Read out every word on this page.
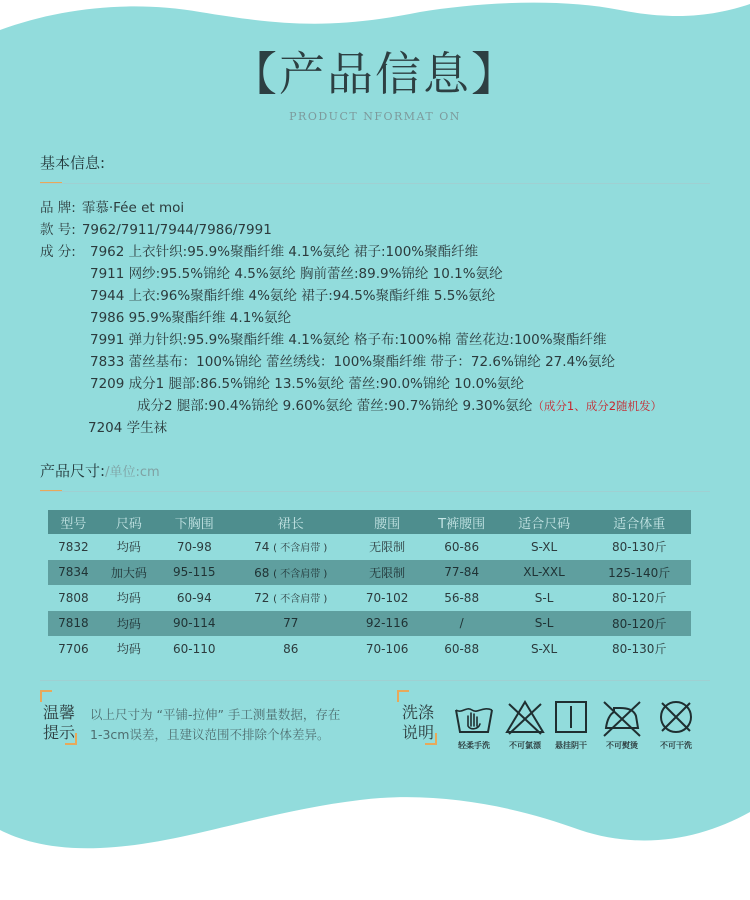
【产品信息】
PRODUCT NFORMAT ON
基本信息:
品 牌: 霏慕·Fée et moi
款 号: 7962/7911/7944/7986/7991
成 分: 7962 上衣针织:95.9%聚酯纤维 4.1%氨纶 裙子:100%聚酯纤维
7911 网纱:95.5%锦纶 4.5%氨纶 胸前蕾丝:89.9%锦纶 10.1%氨纶
7944 上衣:96%聚酯纤维 4%氨纶 裙子:94.5%聚酯纤维 5.5%氨纶
7986 95.9%聚酯纤维 4.1%氨纶
7991 弹力针织:95.9%聚酯纤维 4.1%氨纶 格子布:100%棉 蕾丝花边:100%聚酯纤维
7833 蕾丝基布：100%锦纶 蕾丝绣线：100%聚酯纤维 带子：72.6%锦纶 27.4%氨纶
7209 成分1 腿部:86.5%锦纶 13.5%氨纶 蕾丝:90.0%锦纶 10.0%氨纶
成分2 腿部:90.4%锦纶 9.60%氨纶 蕾丝:90.7%锦纶 9.30%氨纶（成分1、成分2随机发）
7204 学生袜
产品尺寸:/单位:cm
型号	尺码	下胸围	裙长	腰围	T裤腰围	适合尺码	适合体重
7832	均码	70-98	74 ( 不含肩带 )	无限制	60-86	S-XL	80-130斤
7834	加大码	95-115	68 ( 不含肩带 )	无限制	77-84	XL-XXL	125-140斤
7808	均码	60-94	72 ( 不含肩带 )	70-102	56-88	S-L	80-120斤
7818	均码	90-114	77	92-116	/	S-L	80-120斤
7706	均码	60-110	86	70-106	60-88	S-XL	80-130斤
温馨
提示
以上尺寸为 “平铺-拉伸” 手工测量数据，存在
1-3cm误差，且建议范围不排除个体差异。
洗涤
说明
轻柔手洗	不可氯漂	悬挂阴干	不可熨烫	不可干洗
